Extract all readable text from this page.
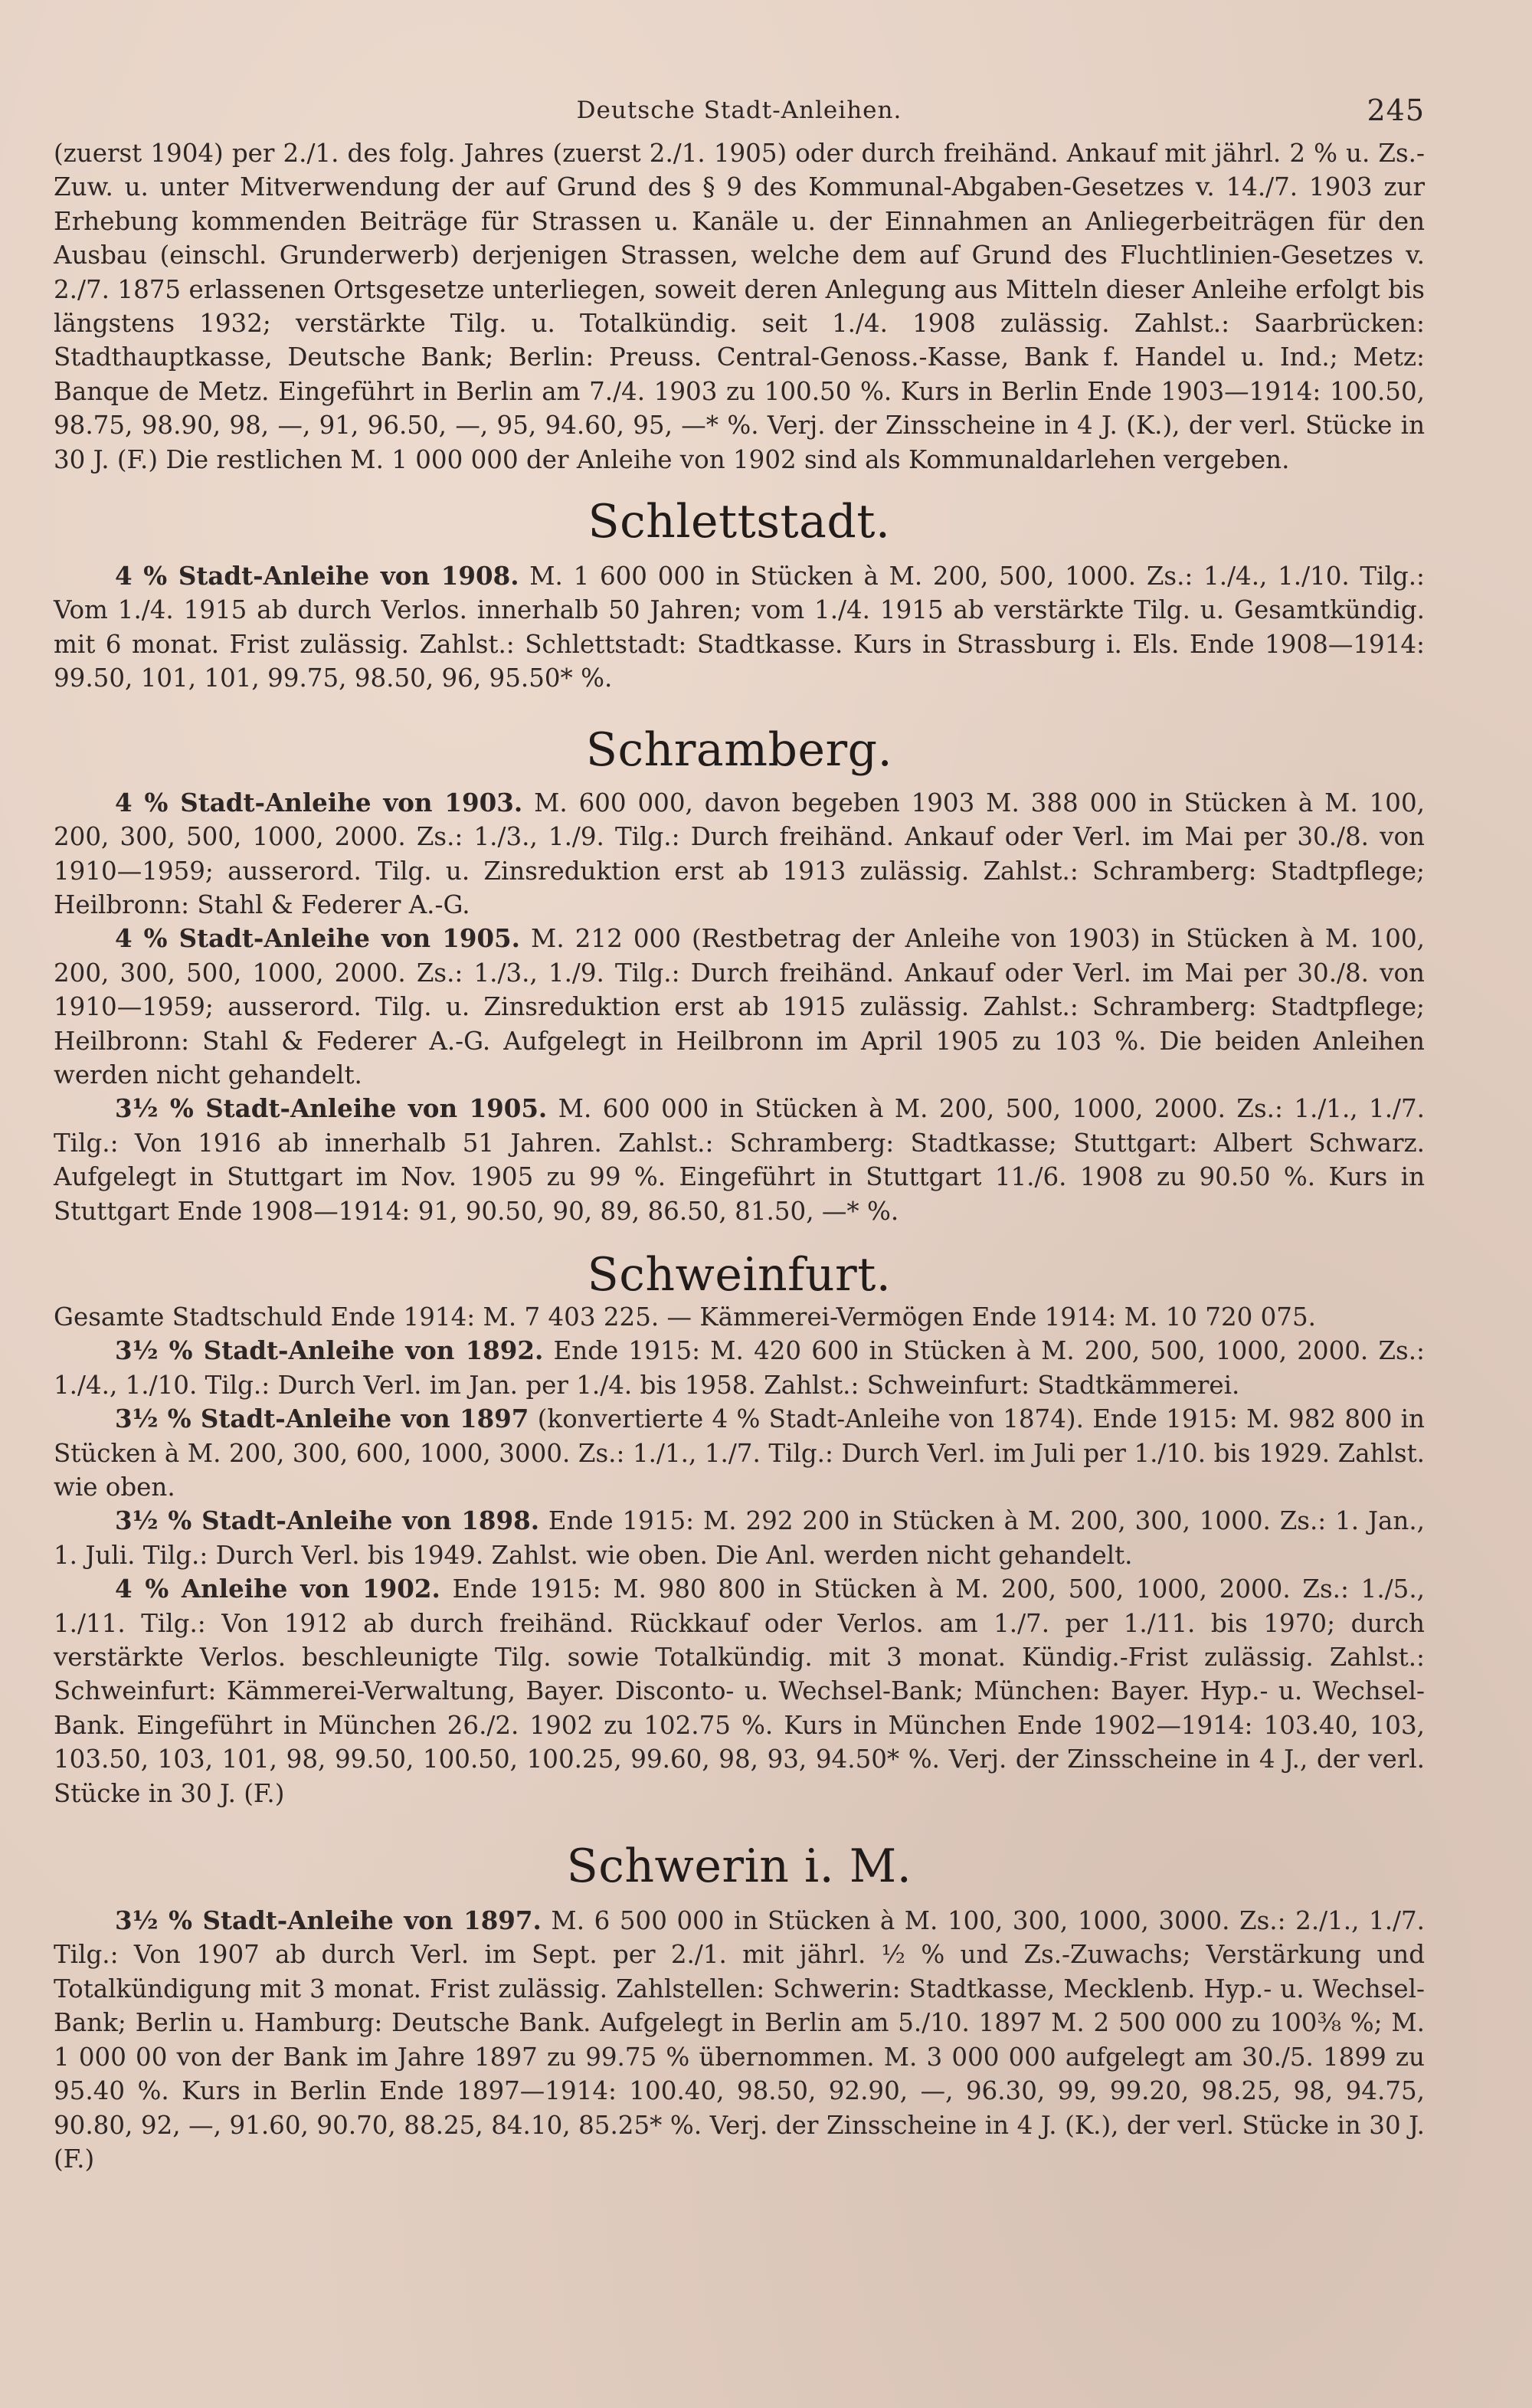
Deutsche Stadt-Anleihen.	245

(zuerst 1904) per 2./1. des folg. Jahres (zuerst 2./1. 1905) oder durch freihänd. Ankauf mit jährl. 2 % u. Zs.-Zuw. u. unter Mitverwendung der auf Grund des § 9 des Kommunal-Abgaben-Gesetzes v. 14./7. 1903 zur Erhebung kommenden Beiträge für Strassen u. Kanäle u. der Einnahmen an Anliegerbeiträgen für den Ausbau (einschl. Grunderwerb) derjenigen Strassen, welche dem auf Grund des Fluchtlinien-Gesetzes v. 2./7. 1875 erlassenen Ortsgesetze unterliegen, soweit deren Anlegung aus Mitteln dieser Anleihe erfolgt bis längstens 1932; verstärkte Tilg. u. Totalkündig. seit 1./4. 1908 zulässig. Zahlst.: Saarbrücken: Stadthauptkasse, Deutsche Bank; Berlin: Preuss. Central-Genoss.-Kasse, Bank f. Handel u. Ind.; Metz: Banque de Metz. Eingeführt in Berlin am 7./4. 1903 zu 100.50 %. Kurs in Berlin Ende 1903—1914: 100.50, 98.75, 98.90, 98, —, 91, 96.50, —, 95, 94.60, 95, —* %. Verj. der Zinsscheine in 4 J. (K.), der verl. Stücke in 30 J. (F.) Die restlichen M. 1 000 000 der Anleihe von 1902 sind als Kommunaldarlehen vergeben.

Schlettstadt.

4 % Stadt-Anleihe von 1908. M. 1 600 000 in Stücken à M. 200, 500, 1000. Zs.: 1./4., 1./10. Tilg.: Vom 1./4. 1915 ab durch Verlos. innerhalb 50 Jahren; vom 1./4. 1915 ab verstärkte Tilg. u. Gesamtkündig. mit 6 monat. Frist zulässig. Zahlst.: Schlettstadt: Stadtkasse. Kurs in Strassburg i. Els. Ende 1908—1914: 99.50, 101, 101, 99.75, 98.50, 96, 95.50* %.

Schramberg.

4 % Stadt-Anleihe von 1903. M. 600 000, davon begeben 1903 M. 388 000 in Stücken à M. 100, 200, 300, 500, 1000, 2000. Zs.: 1./3., 1./9. Tilg.: Durch freihänd. Ankauf oder Verl. im Mai per 30./8. von 1910—1959; ausserord. Tilg. u. Zinsreduktion erst ab 1913 zulässig. Zahlst.: Schramberg: Stadtpflege; Heilbronn: Stahl & Federer A.-G.

4 % Stadt-Anleihe von 1905. M. 212 000 (Restbetrag der Anleihe von 1903) in Stücken à M. 100, 200, 300, 500, 1000, 2000. Zs.: 1./3., 1./9. Tilg.: Durch freihänd. Ankauf oder Verl. im Mai per 30./8. von 1910—1959; ausserord. Tilg. u. Zinsreduktion erst ab 1915 zulässig. Zahlst.: Schramberg: Stadtpflege; Heilbronn: Stahl & Federer A.-G. Aufgelegt in Heilbronn im April 1905 zu 103 %. Die beiden Anleihen werden nicht gehandelt.

3½ % Stadt-Anleihe von 1905. M. 600 000 in Stücken à M. 200, 500, 1000, 2000. Zs.: 1./1., 1./7. Tilg.: Von 1916 ab innerhalb 51 Jahren. Zahlst.: Schramberg: Stadtkasse; Stuttgart: Albert Schwarz. Aufgelegt in Stuttgart im Nov. 1905 zu 99 %. Eingeführt in Stuttgart 11./6. 1908 zu 90.50 %. Kurs in Stuttgart Ende 1908—1914: 91, 90.50, 90, 89, 86.50, 81.50, —* %.

Schweinfurt.

Gesamte Stadtschuld Ende 1914: M. 7 403 225. — Kämmerei-Vermögen Ende 1914: M. 10 720 075.

3½ % Stadt-Anleihe von 1892. Ende 1915: M. 420 600 in Stücken à M. 200, 500, 1000, 2000. Zs.: 1./4., 1./10. Tilg.: Durch Verl. im Jan. per 1./4. bis 1958. Zahlst.: Schweinfurt: Stadtkämmerei.

3½ % Stadt-Anleihe von 1897 (konvertierte 4 % Stadt-Anleihe von 1874). Ende 1915: M. 982 800 in Stücken à M. 200, 300, 600, 1000, 3000. Zs.: 1./1., 1./7. Tilg.: Durch Verl. im Juli per 1./10. bis 1929. Zahlst. wie oben.

3½ % Stadt-Anleihe von 1898. Ende 1915: M. 292 200 in Stücken à M. 200, 300, 1000. Zs.: 1. Jan., 1. Juli. Tilg.: Durch Verl. bis 1949. Zahlst. wie oben. Die Anl. werden nicht gehandelt.

4 % Anleihe von 1902. Ende 1915: M. 980 800 in Stücken à M. 200, 500, 1000, 2000. Zs.: 1./5., 1./11. Tilg.: Von 1912 ab durch freihänd. Rückkauf oder Verlos. am 1./7. per 1./11. bis 1970; durch verstärkte Verlos. beschleunigte Tilg. sowie Totalkündig. mit 3 monat. Kündig.-Frist zulässig. Zahlst.: Schweinfurt: Kämmerei-Verwaltung, Bayer. Disconto- u. Wechsel-Bank; München: Bayer. Hyp.- u. Wechsel-Bank. Eingeführt in München 26./2. 1902 zu 102.75 %. Kurs in München Ende 1902—1914: 103.40, 103, 103.50, 103, 101, 98, 99.50, 100.50, 100.25, 99.60, 98, 93, 94.50* %. Verj. der Zinsscheine in 4 J., der verl. Stücke in 30 J. (F.)

Schwerin i. M.

3½ % Stadt-Anleihe von 1897. M. 6 500 000 in Stücken à M. 100, 300, 1000, 3000. Zs.: 2./1., 1./7. Tilg.: Von 1907 ab durch Verl. im Sept. per 2./1. mit jährl. ½ % und Zs.-Zuwachs; Verstärkung und Totalkündigung mit 3 monat. Frist zulässig. Zahlstellen: Schwerin: Stadtkasse, Mecklenb. Hyp.- u. Wechsel-Bank; Berlin u. Hamburg: Deutsche Bank. Aufgelegt in Berlin am 5./10. 1897 M. 2 500 000 zu 100⅜ %; M. 1 000 00 von der Bank im Jahre 1897 zu 99.75 % übernommen. M. 3 000 000 aufgelegt am 30./5. 1899 zu 95.40 %. Kurs in Berlin Ende 1897—1914: 100.40, 98.50, 92.90, —, 96.30, 99, 99.20, 98.25, 98, 94.75, 90.80, 92, —, 91.60, 90.70, 88.25, 84.10, 85.25* %. Verj. der Zinsscheine in 4 J. (K.), der verl. Stücke in 30 J. (F.)
